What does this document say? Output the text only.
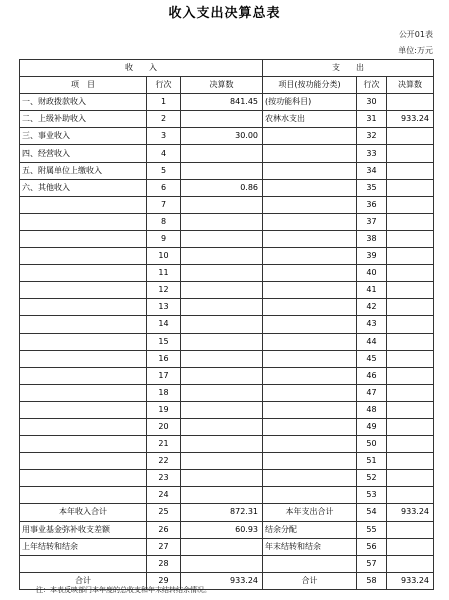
收入支出决算总表
公开01表
单位:万元
收　　入			支　　出		
项　目	行次	决算数	项目(按功能分类)	行次	决算数
一、财政拨款收入	1	841.45	(按功能科目)	30	
二、上级补助收入	2		农林水支出	31	933.24
三、事业收入	3	30.00		32	
四、经营收入	4			33	
五、附属单位上缴收入	5			34	
六、其他收入	6	0.86		35	
	7			36	
	8			37	
	9			38	
	10			39	
	11			40	
	12			41	
	13			42	
	14			43	
	15			44	
	16			45	
	17			46	
	18			47	
	19			48	
	20			49	
	21			50	
	22			51	
	23			52	
	24			53	
本年收入合计	25	872.31	本年支出合计	54	933.24
用事业基金弥补收支差额	26	60.93	结余分配	55	
上年结转和结余	27		年末结转和结余	56	
	28			57	
合计	29	933.24	合计	58	933.24
注：本表反映部门本年度的总收支和年末结转结余情况。
